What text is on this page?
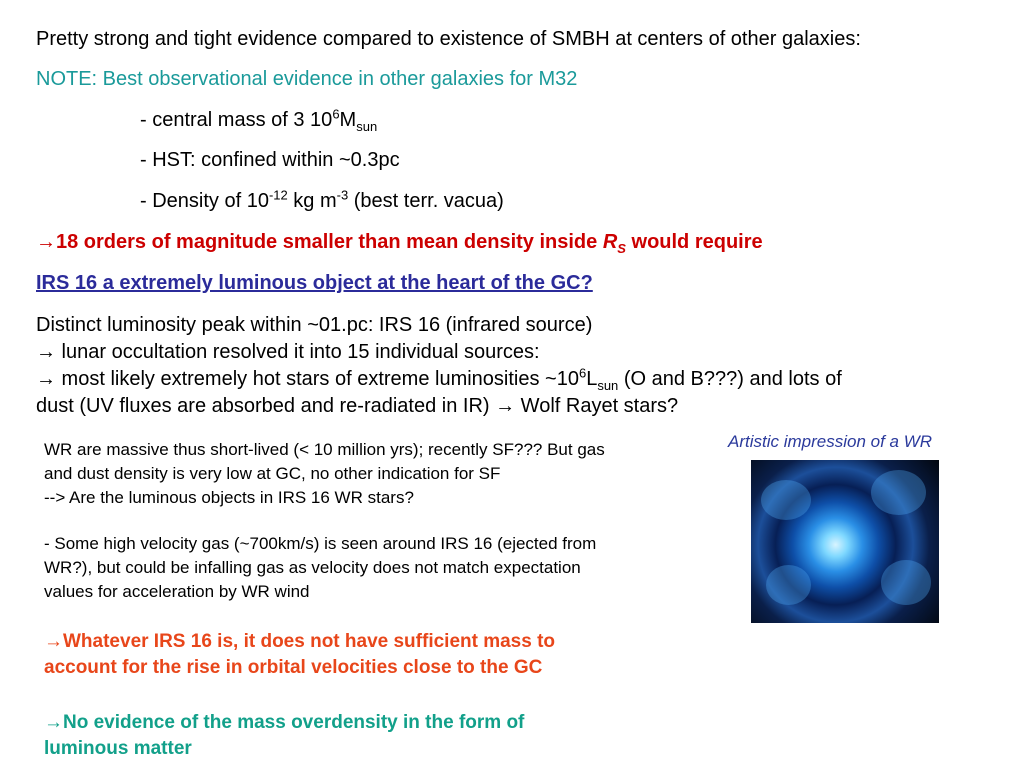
Pretty strong and tight evidence compared to existence of SMBH at centers of other galaxies:
NOTE: Best observational evidence in other galaxies for M32
- central mass of 3 $10^6M_{sun}$
- HST: confined within ~0.3pc
- Density of $10^{-12}$ kg $m^{-3}$ (best terr. vacua)
→18 orders of magnitude smaller than mean density inside $R_S$ would require
IRS 16 a extremely luminous object at the heart of the GC?
Distinct luminosity peak within ~01.pc: IRS 16 (infrared source)
→ lunar occultation resolved it into 15 individual sources:
→ most likely extremely hot stars of extreme luminosities $\sim 10^6L_{sun}$ (O and B???) and lots of
dust (UV fluxes are absorbed and re-radiated in IR) → Wolf Rayet stars?
WR are massive thus short-lived (< 10 million yrs); recently SF??? But gas
and dust density is very low at GC, no other indication for SF
--> Are the luminous objects in IRS 16 WR stars?
- Some high velocity gas (~700km/s) is seen around IRS 16 (ejected from
WR?), but could be infalling gas as velocity does not match expectation
values for acceleration by WR wind
→Whatever IRS 16 is, it does not have sufficient mass to
account for the rise in orbital velocities close to the GC
→No evidence of the mass overdensity in the form of
luminous matter
Artistic impression of a WR
